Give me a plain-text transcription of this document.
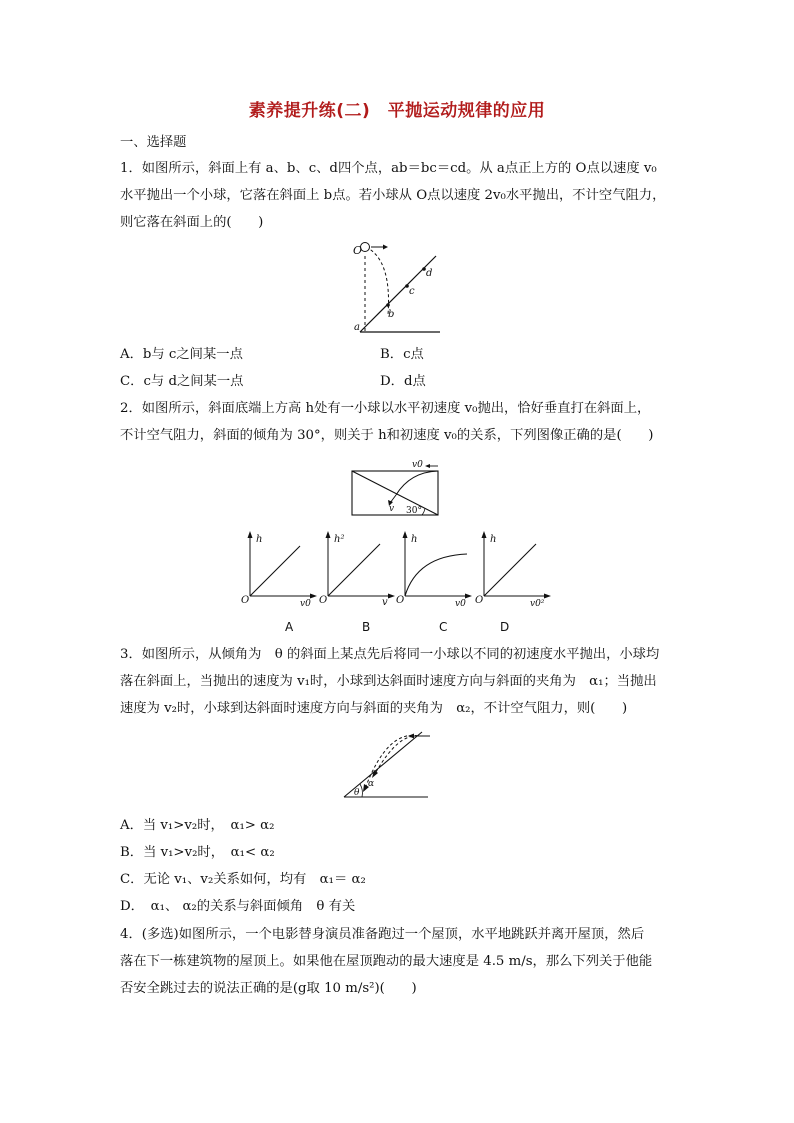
素养提升练(二)　平抛运动规律的应用
一、选择题
1．如图所示，斜面上有 a、b、c、d四个点，ab＝bc＝cd。从 a点正上方的 O点以速度 v₀
水平抛出一个小球，它落在斜面上 b点。若小球从 O点以速度 2v₀水平抛出，不计空气阻力，
则它落在斜面上的(　　)
O
a
b
c
d
A．b与 c之间某一点	B．c点
C．c与 d之间某一点	D．d点
2．如图所示，斜面底端上方高 h处有一小球以水平初速度 v₀抛出，恰好垂直打在斜面上，
不计空气阻力，斜面的倾角为 30°，则关于 h和初速度 v₀的关系，下列图像正确的是(　　)
v0
v 30°
h
v0
O
A
h²
v
O
B
h
v0
O
C
h
v0²
O
D
3．如图所示，从倾角为　θ 的斜面上某点先后将同一小球以不同的初速度水平抛出，小球均
落在斜面上，当抛出的速度为 v₁时，小球到达斜面时速度方向与斜面的夹角为　α₁；当抛出
速度为 v₂时，小球到达斜面时速度方向与斜面的夹角为　α₂，不计空气阻力，则(　　)
θ
α
A．当 v₁>v₂时，　α₁> α₂
B．当 v₁>v₂时，　α₁< α₂
C．无论 v₁、v₂关系如何，均有　α₁＝ α₂
D．　α₁、 α₂的关系与斜面倾角　θ 有关
4．(多选)如图所示，一个电影替身演员准备跑过一个屋顶，水平地跳跃并离开屋顶，然后
落在下一栋建筑物的屋顶上。如果他在屋顶跑动的最大速度是 4.5 m/s，那么下列关于他能
否安全跳过去的说法正确的是(g取 10 m/s²)(　　)
